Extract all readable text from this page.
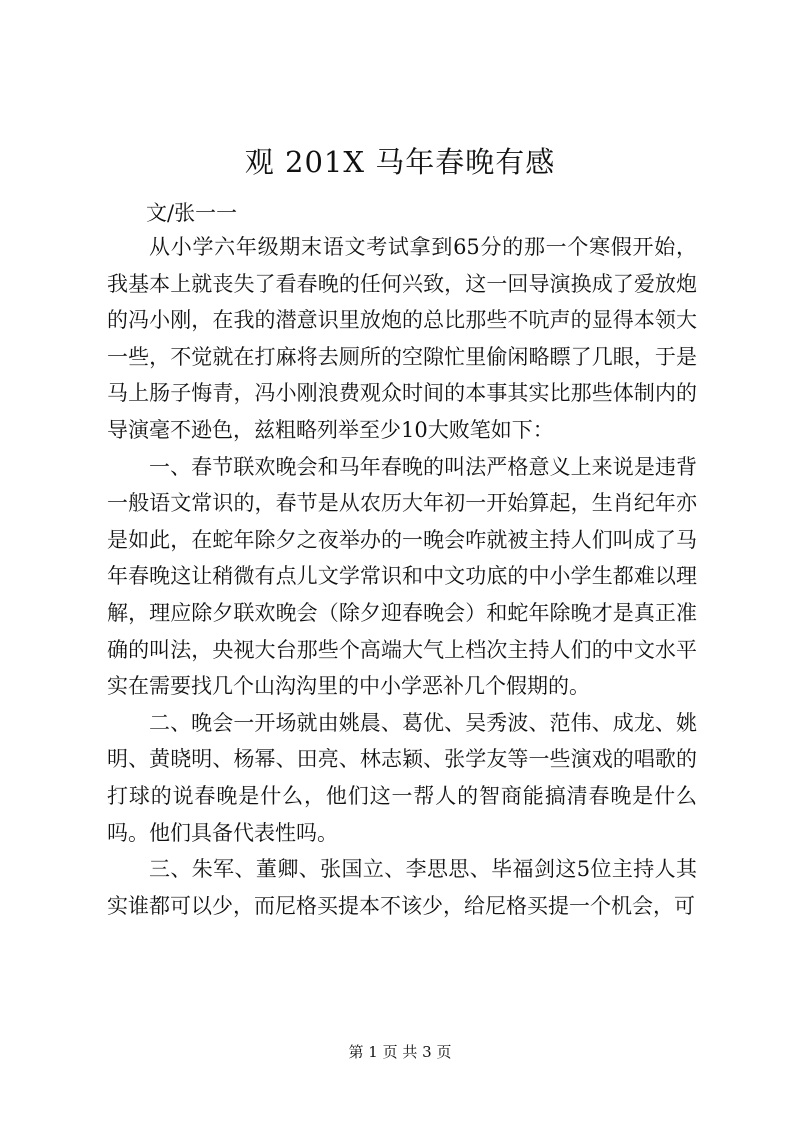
观 201X 马年春晚有感
文/张一一

从小学六年级期末语文考试拿到65分的那一个寒假开始，我基本上就丧失了看春晚的任何兴致，这一回导演换成了爱放炮的冯小刚，在我的潜意识里放炮的总比那些不吭声的显得本领大一些，不觉就在打麻将去厕所的空隙忙里偷闲略瞟了几眼，于是马上肠子悔青，冯小刚浪费观众时间的本事其实比那些体制内的导演毫不逊色，兹粗略列举至少10大败笔如下：

一、春节联欢晚会和马年春晚的叫法严格意义上来说是违背一般语文常识的，春节是从农历大年初一开始算起，生肖纪年亦是如此，在蛇年除夕之夜举办的一晚会咋就被主持人们叫成了马年春晚这让稍微有点儿文学常识和中文功底的中小学生都难以理解，理应除夕联欢晚会（除夕迎春晚会）和蛇年除晚才是真正准确的叫法，央视大台那些个高端大气上档次主持人们的中文水平实在需要找几个山沟沟里的中小学恶补几个假期的。

二、晚会一开场就由姚晨、葛优、吴秀波、范伟、成龙、姚明、黄晓明、杨幂、田亮、林志颖、张学友等一些演戏的唱歌的打球的说春晚是什么，他们这一帮人的智商能搞清春晚是什么吗。他们具备代表性吗。

三、朱军、董卿、张国立、李思思、毕福剑这5位主持人其实谁都可以少，而尼格买提本不该少，给尼格买提一个机会，可

第 1 页 共 3 页
